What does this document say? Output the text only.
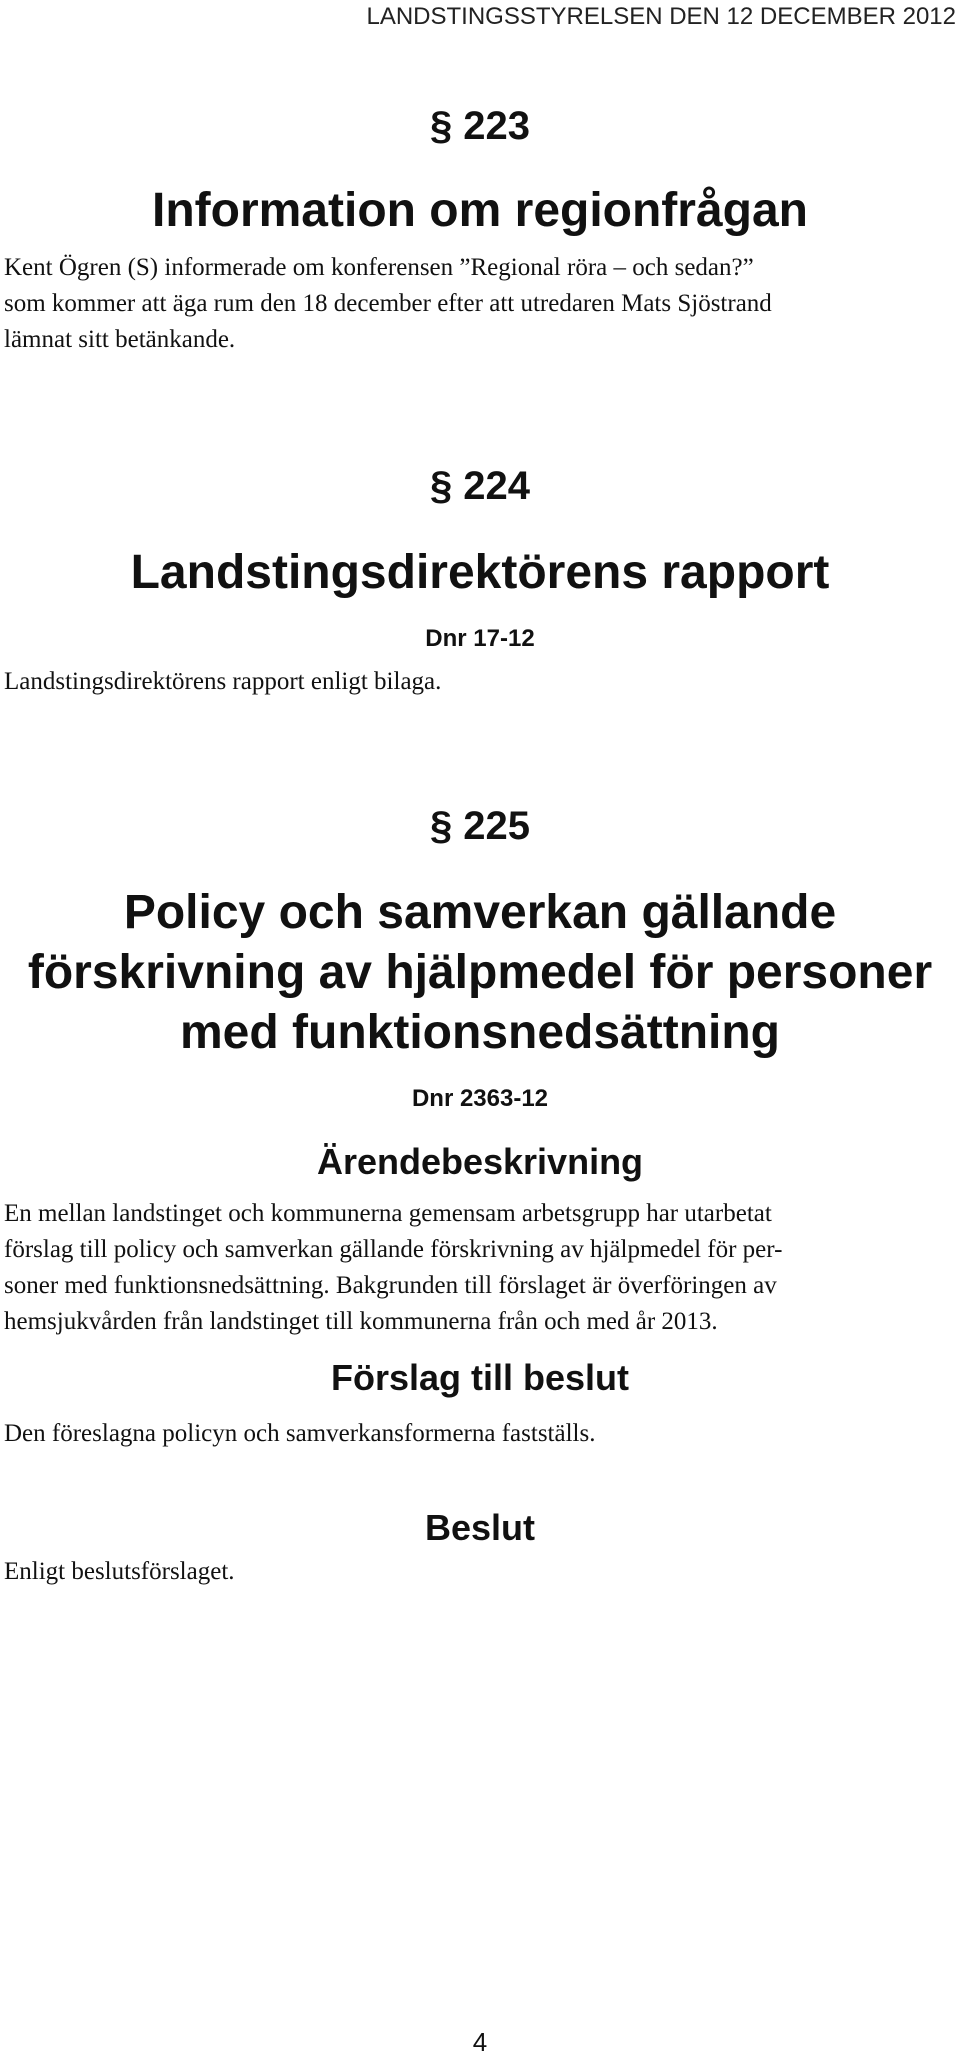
LANDSTINGSSTYRELSEN DEN 12 DECEMBER 2012
§ 223
Information om regionfrågan
Kent Ögren (S) informerade om konferensen ”Regional röra – och sedan?”
som kommer att äga rum den 18 december efter att utredaren Mats Sjöstrand
lämnat sitt betänkande.
§ 224
Landstingsdirektörens rapport
Dnr 17-12
Landstingsdirektörens rapport enligt bilaga.
§ 225
Policy och samverkan gällande
förskrivning av hjälpmedel för personer
med funktionsnedsättning
Dnr 2363-12
Ärendebeskrivning
En mellan landstinget och kommunerna gemensam arbetsgrupp har utarbetat
förslag till policy och samverkan gällande förskrivning av hjälpmedel för per-
soner med funktionsnedsättning. Bakgrunden till förslaget är överföringen av
hemsjukvården från landstinget till kommunerna från och med år 2013.
Förslag till beslut
Den föreslagna policyn och samverkansformerna fastställs.
Beslut
Enligt beslutsförslaget.
4
